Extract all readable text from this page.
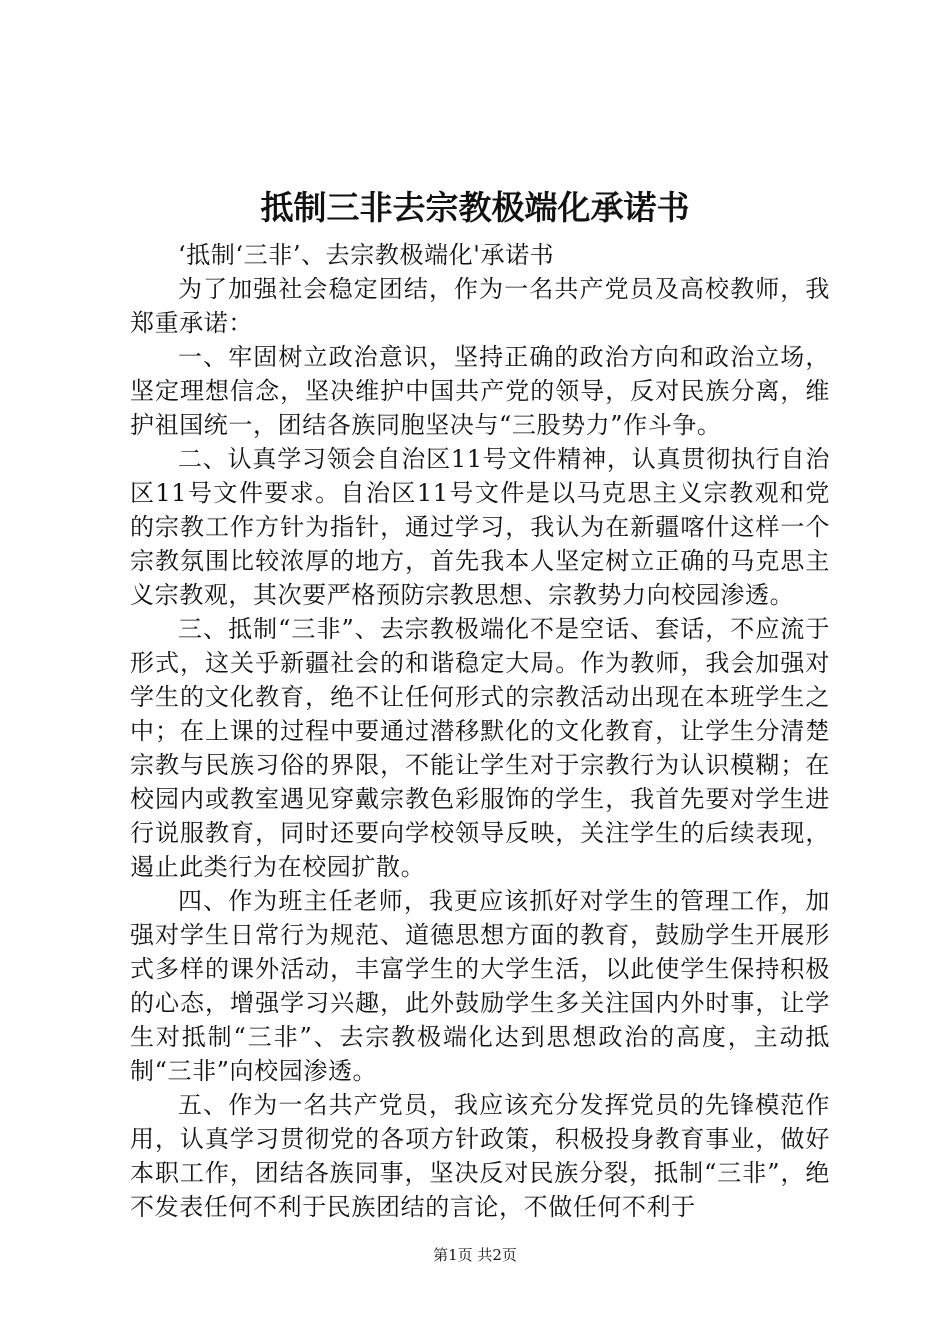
抵制三非去宗教极端化承诺书

‘抵制‘三非’、去宗教极端化'承诺书

为了加强社会稳定团结，作为一名共产党员及高校教师，我郑重承诺：

一、牢固树立政治意识，坚持正确的政治方向和政治立场，坚定理想信念，坚决维护中国共产党的领导，反对民族分离，维护祖国统一，团结各族同胞坚决与“三股势力”作斗争。

二、认真学习领会自治区11号文件精神，认真贯彻执行自治区11号文件要求。自治区11号文件是以马克思主义宗教观和党的宗教工作方针为指针，通过学习，我认为在新疆喀什这样一个宗教氛围比较浓厚的地方，首先我本人坚定树立正确的马克思主义宗教观，其次要严格预防宗教思想、宗教势力向校园渗透。

三、抵制“三非”、去宗教极端化不是空话、套话，不应流于形式，这关乎新疆社会的和谐稳定大局。作为教师，我会加强对学生的文化教育，绝不让任何形式的宗教活动出现在本班学生之中；在上课的过程中要通过潜移默化的文化教育，让学生分清楚宗教与民族习俗的界限，不能让学生对于宗教行为认识模糊；在校园内或教室遇见穿戴宗教色彩服饰的学生，我首先要对学生进行说服教育，同时还要向学校领导反映，关注学生的后续表现，遏止此类行为在校园扩散。

四、作为班主任老师，我更应该抓好对学生的管理工作，加强对学生日常行为规范、道德思想方面的教育，鼓励学生开展形式多样的课外活动，丰富学生的大学生活，以此使学生保持积极的心态，增强学习兴趣，此外鼓励学生多关注国内外时事，让学生对抵制“三非”、去宗教极端化达到思想政治的高度，主动抵制“三非”向校园渗透。

五、作为一名共产党员，我应该充分发挥党员的先锋模范作用，认真学习贯彻党的各项方针政策，积极投身教育事业，做好本职工作，团结各族同事，坚决反对民族分裂，抵制“三非”，绝不发表任何不利于民族团结的言论，不做任何不利于

第1页 共2页
